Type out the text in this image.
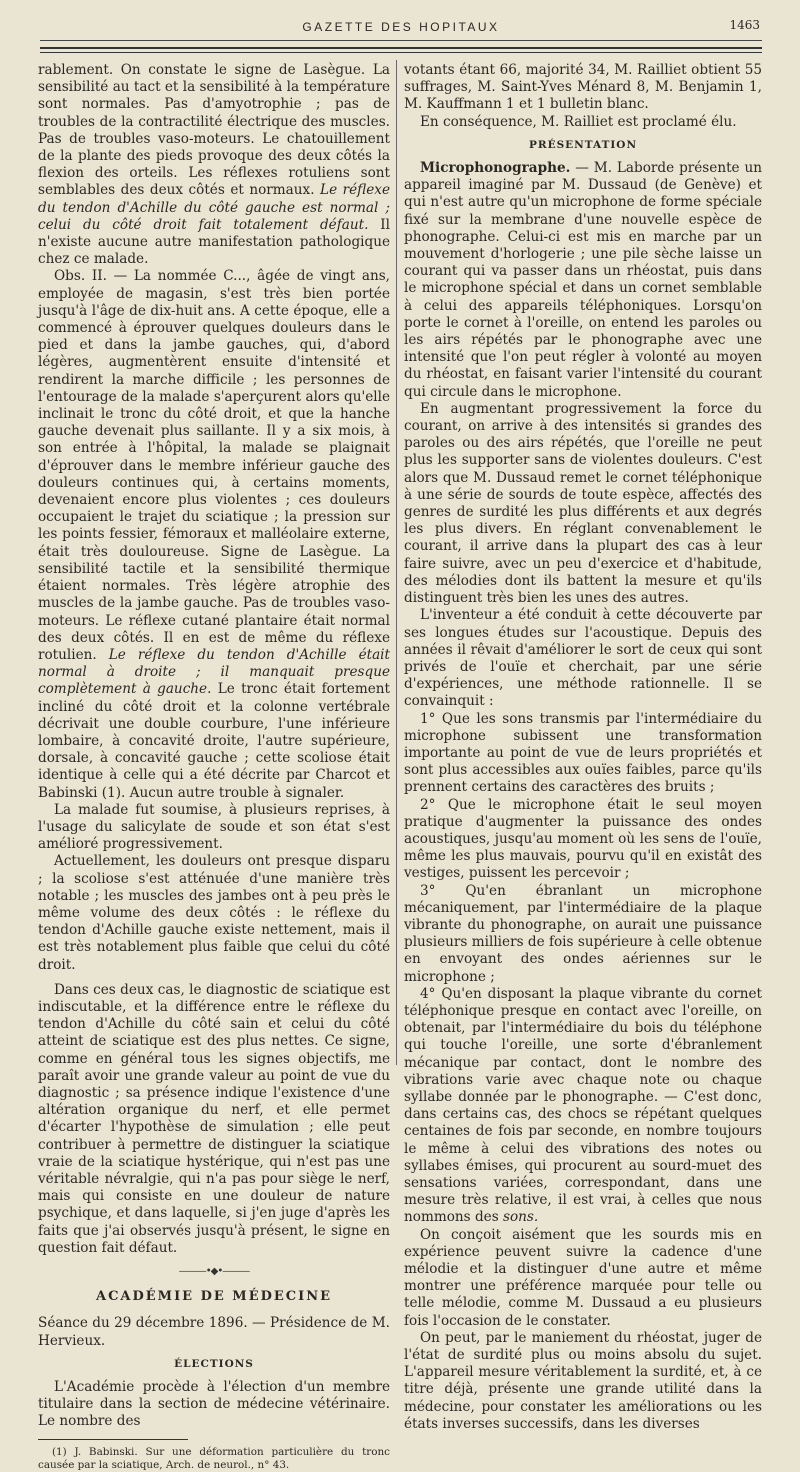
GAZETTE DES HOPITAUX	1463

rablement. On constate le signe de Lasègue. La sensibilité au tact et la sensibilité à la température sont normales. Pas d'amyotrophie ; pas de troubles de la contractilité électrique des muscles. Pas de troubles vaso-moteurs. Le chatouillement de la plante des pieds provoque des deux côtés la flexion des orteils. Les réflexes rotuliens sont semblables des deux côtés et normaux. Le réflexe du tendon d'Achille du côté gauche est normal ; celui du côté droit fait totalement défaut. Il n'existe aucune autre manifestation pathologique chez ce malade.

Obs. II. — La nommée C..., âgée de vingt ans, employée de magasin, s'est très bien portée jusqu'à l'âge de dix-huit ans. A cette époque, elle a commencé à éprouver quelques douleurs dans le pied et dans la jambe gauches, qui, d'abord légères, augmentèrent ensuite d'intensité et rendirent la marche difficile ; les personnes de l'entourage de la malade s'aperçurent alors qu'elle inclinait le tronc du côté droit, et que la hanche gauche devenait plus saillante. Il y a six mois, à son entrée à l'hôpital, la malade se plaignait d'éprouver dans le membre inférieur gauche des douleurs continues qui, à certains moments, devenaient encore plus violentes ; ces douleurs occupaient le trajet du sciatique ; la pression sur les points fessier, fémoraux et malléolaire externe, était très douloureuse. Signe de Lasègue. La sensibilité tactile et la sensibilité thermique étaient normales. Très légère atrophie des muscles de la jambe gauche. Pas de troubles vaso-moteurs. Le réflexe cutané plantaire était normal des deux côtés. Il en est de même du réflexe rotulien. Le réflexe du tendon d'Achille était normal à droite ; il manquait presque complètement à gauche. Le tronc était fortement incliné du côté droit et la colonne vertébrale décrivait une double courbure, l'une inférieure lombaire, à concavité droite, l'autre supérieure, dorsale, à concavité gauche ; cette scoliose était identique à celle qui a été décrite par Charcot et Babinski (1). Aucun autre trouble à signaler.

La malade fut soumise, à plusieurs reprises, à l'usage du salicylate de soude et son état s'est amélioré progressivement.

Actuellement, les douleurs ont presque disparu ; la scoliose s'est atténuée d'une manière très notable ; les muscles des jambes ont à peu près le même volume des deux côtés : le réflexe du tendon d'Achille gauche existe nettement, mais il est très notablement plus faible que celui du côté droit.

Dans ces deux cas, le diagnostic de sciatique est indiscutable, et la différence entre le réflexe du tendon d'Achille du côté sain et celui du côté atteint de sciatique est des plus nettes. Ce signe, comme en général tous les signes objectifs, me paraît avoir une grande valeur au point de vue du diagnostic ; sa présence indique l'existence d'une altération organique du nerf, et elle permet d'écarter l'hypothèse de simulation ; elle peut contribuer à permettre de distinguer la sciatique vraie de la sciatique hystérique, qui n'est pas une véritable névralgie, qui n'a pas pour siège le nerf, mais qui consiste en une douleur de nature psychique, et dans laquelle, si j'en juge d'après les faits que j'ai observés jusqu'à présent, le signe en question fait défaut.

———•◆•———
ACADÉMIE DE MÉDECINE

Séance du 29 décembre 1896. — Présidence de M. Hervieux.

ÉLECTIONS

L'Académie procède à l'élection d'un membre titulaire dans la section de médecine vétérinaire. Le nombre des

(1) J. Babinski. Sur une déformation particulière du tronc causée par la sciatique, Arch. de neurol., n° 43.

votants étant 66, majorité 34, M. Railliet obtient 55 suffrages, M. Saint-Yves Ménard 8, M. Benjamin 1, M. Kauffmann 1 et 1 bulletin blanc.

En conséquence, M. Railliet est proclamé élu.

PRÉSENTATION

Microphonographe. — M. Laborde présente un appareil imaginé par M. Dussaud (de Genève) et qui n'est autre qu'un microphone de forme spéciale fixé sur la membrane d'une nouvelle espèce de phonographe. Celui-ci est mis en marche par un mouvement d'horlogerie ; une pile sèche laisse un courant qui va passer dans un rhéostat, puis dans le microphone spécial et dans un cornet semblable à celui des appareils téléphoniques. Lorsqu'on porte le cornet à l'oreille, on entend les paroles ou les airs répétés par le phonographe avec une intensité que l'on peut régler à volonté au moyen du rhéostat, en faisant varier l'intensité du courant qui circule dans le microphone.

En augmentant progressivement la force du courant, on arrive à des intensités si grandes des paroles ou des airs répétés, que l'oreille ne peut plus les supporter sans de violentes douleurs. C'est alors que M. Dussaud remet le cornet téléphonique à une série de sourds de toute espèce, affectés des genres de surdité les plus différents et aux degrés les plus divers. En réglant convenablement le courant, il arrive dans la plupart des cas à leur faire suivre, avec un peu d'exercice et d'habitude, des mélodies dont ils battent la mesure et qu'ils distinguent très bien les unes des autres.

L'inventeur a été conduit à cette découverte par ses longues études sur l'acoustique. Depuis des années il rêvait d'améliorer le sort de ceux qui sont privés de l'ouïe et cherchait, par une série d'expériences, une méthode rationnelle. Il se convainquit :

1° Que les sons transmis par l'intermédiaire du microphone subissent une transformation importante au point de vue de leurs propriétés et sont plus accessibles aux ouïes faibles, parce qu'ils prennent certains des caractères des bruits ;

2° Que le microphone était le seul moyen pratique d'augmenter la puissance des ondes acoustiques, jusqu'au moment où les sens de l'ouïe, même les plus mauvais, pourvu qu'il en existât des vestiges, puissent les percevoir ;

3° Qu'en ébranlant un microphone mécaniquement, par l'intermédiaire de la plaque vibrante du phonographe, on aurait une puissance plusieurs milliers de fois supérieure à celle obtenue en envoyant des ondes aériennes sur le microphone ;

4° Qu'en disposant la plaque vibrante du cornet téléphonique presque en contact avec l'oreille, on obtenait, par l'intermédiaire du bois du téléphone qui touche l'oreille, une sorte d'ébranlement mécanique par contact, dont le nombre des vibrations varie avec chaque note ou chaque syllabe donnée par le phonographe. — C'est donc, dans certains cas, des chocs se répétant quelques centaines de fois par seconde, en nombre toujours le même à celui des vibrations des notes ou syllabes émises, qui procurent au sourd-muet des sensations variées, correspondant, dans une mesure très relative, il est vrai, à celles que nous nommons des sons.

On conçoit aisément que les sourds mis en expérience peuvent suivre la cadence d'une mélodie et la distinguer d'une autre et même montrer une préférence marquée pour telle ou telle mélodie, comme M. Dussaud a eu plusieurs fois l'occasion de le constater.

On peut, par le maniement du rhéostat, juger de l'état de surdité plus ou moins absolu du sujet. L'appareil mesure véritablement la surdité, et, à ce titre déjà, présente une grande utilité dans la médecine, pour constater les améliorations ou les états inverses successifs, dans les diverses
